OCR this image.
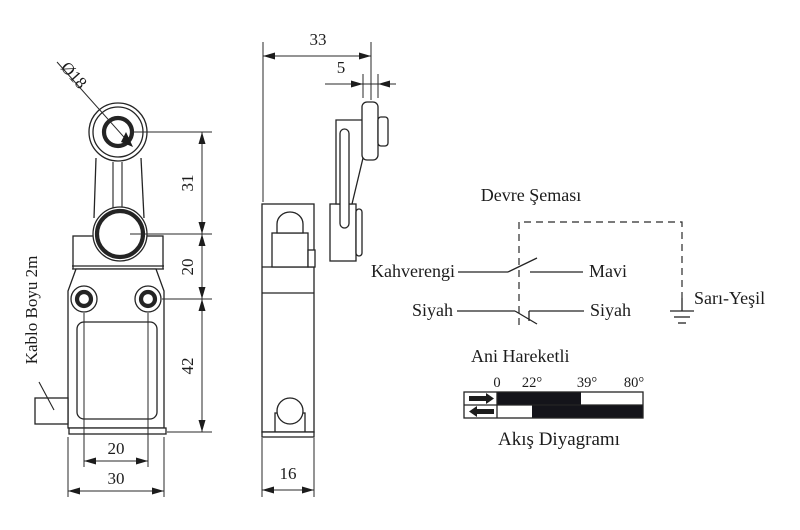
Kablo Boyu 2m
Ø18
31
20
42
20
30
33
5
16
Devre Şeması
Kahverengi	Mavi
Siyah	Siyah
Sarı-Yeşil
Ani Hareketli
0 22° 39° 80°
Akış Diyagramı
